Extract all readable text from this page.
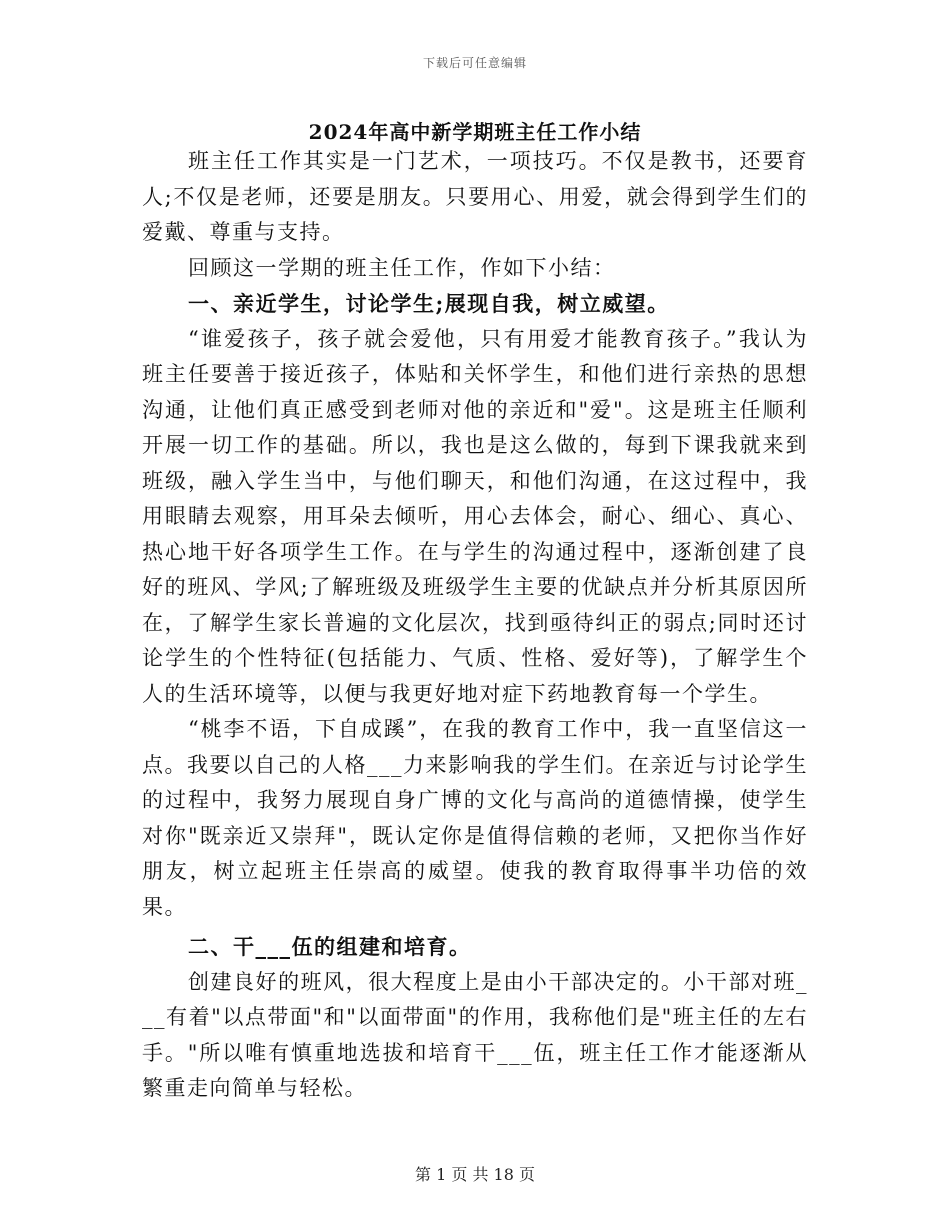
下载后可任意编辑
2024年高中新学期班主任工作小结

班主任工作其实是一门艺术，一项技巧。不仅是教书，还要育人;不仅是老师，还要是朋友。只要用心、用爱，就会得到学生们的爱戴、尊重与支持。

回顾这一学期的班主任工作，作如下小结：

一、亲近学生，讨论学生;展现自我，树立威望。

“谁爱孩子，孩子就会爱他，只有用爱才能教育孩子。”我认为班主任要善于接近孩子，体贴和关怀学生，和他们进行亲热的思想沟通，让他们真正感受到老师对他的亲近和"爱"。这是班主任顺利开展一切工作的基础。所以，我也是这么做的，每到下课我就来到班级，融入学生当中，与他们聊天，和他们沟通，在这过程中，我用眼睛去观察，用耳朵去倾听，用心去体会，耐心、细心、真心、热心地干好各项学生工作。在与学生的沟通过程中，逐渐创建了良好的班风、学风;了解班级及班级学生主要的优缺点并分析其原因所在，了解学生家长普遍的文化层次，找到亟待纠正的弱点;同时还讨论学生的个性特征(包括能力、气质、性格、爱好等)，了解学生个人的生活环境等，以便与我更好地对症下药地教育每一个学生。

“桃李不语，下自成蹊”，在我的教育工作中，我一直坚信这一点。我要以自己的人格___力来影响我的学生们。在亲近与讨论学生的过程中，我努力展现自身广博的文化与高尚的道德情操，使学生对你"既亲近又崇拜"，既认定你是值得信赖的老师，又把你当作好朋友，树立起班主任崇高的威望。使我的教育取得事半功倍的效果。

二、干___伍的组建和培育。

创建良好的班风，很大程度上是由小干部决定的。小干部对班___有着"以点带面"和"以面带面"的作用，我称他们是"班主任的左右手。"所以唯有慎重地选拔和培育干___伍，班主任工作才能逐渐从繁重走向简单与轻松。

第 1 页 共 18 页
